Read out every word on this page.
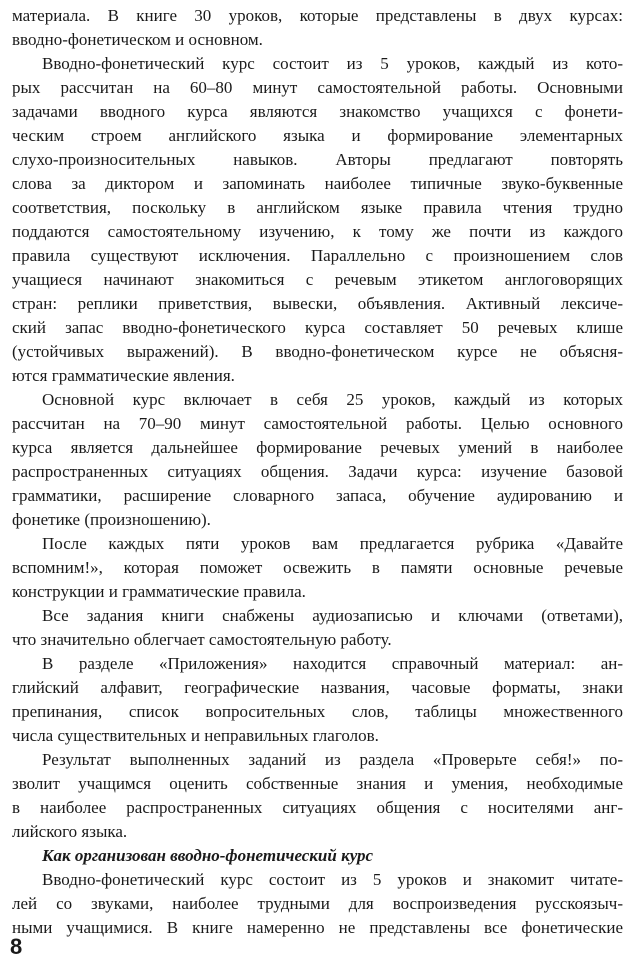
материала. В книге 30 уроков, которые представлены в двух курсах:
вводно-фонетическом и основном.
Вводно-фонетический курс состоит из 5 уроков, каждый из кото-
рых рассчитан на 60–80 минут самостоятельной работы. Основными
задачами вводного курса являются знакомство учащихся с фонети-
ческим строем английского языка и формирование элементарных
слухо-произносительных навыков. Авторы предлагают повторять
слова за диктором и запоминать наиболее типичные звуко-буквенные
соответствия, поскольку в английском языке правила чтения трудно
поддаются самостоятельному изучению, к тому же почти из каждого
правила существуют исключения. Параллельно с произношением слов
учащиеся начинают знакомиться с речевым этикетом англоговорящих
стран: реплики приветствия, вывески, объявления. Активный лексиче-
ский запас вводно-фонетического курса составляет 50 речевых клише
(устойчивых выражений). В вводно-фонетическом курсе не объясня-
ются грамматические явления.
Основной курс включает в себя 25 уроков, каждый из которых
рассчитан на 70–90 минут самостоятельной работы. Целью основного
курса является дальнейшее формирование речевых умений в наиболее
распространенных ситуациях общения. Задачи курса: изучение базовой
грамматики, расширение словарного запаса, обучение аудированию и
фонетике (произношению).
После каждых пяти уроков вам предлагается рубрика «Давайте
вспомним!», которая поможет освежить в памяти основные речевые
конструкции и грамматические правила.
Все задания книги снабжены аудиозаписью и ключами (ответами),
что значительно облегчает самостоятельную работу.
В разделе «Приложения» находится справочный материал: ан-
глийский алфавит, географические названия, часовые форматы, знаки
препинания, список вопросительных слов, таблицы множественного
числа существительных и неправильных глаголов.
Результат выполненных заданий из раздела «Проверьте себя!» по-
зволит учащимся оценить собственные знания и умения, необходимые
в наиболее распространенных ситуациях общения с носителями анг-
лийского языка.
Как организован вводно-фонетический курс
Вводно-фонетический курс состоит из 5 уроков и знакомит читате-
лей со звуками, наиболее трудными для воспроизведения русскоязыч-
ными учащимися. В книге намеренно не представлены все фонетические
8
